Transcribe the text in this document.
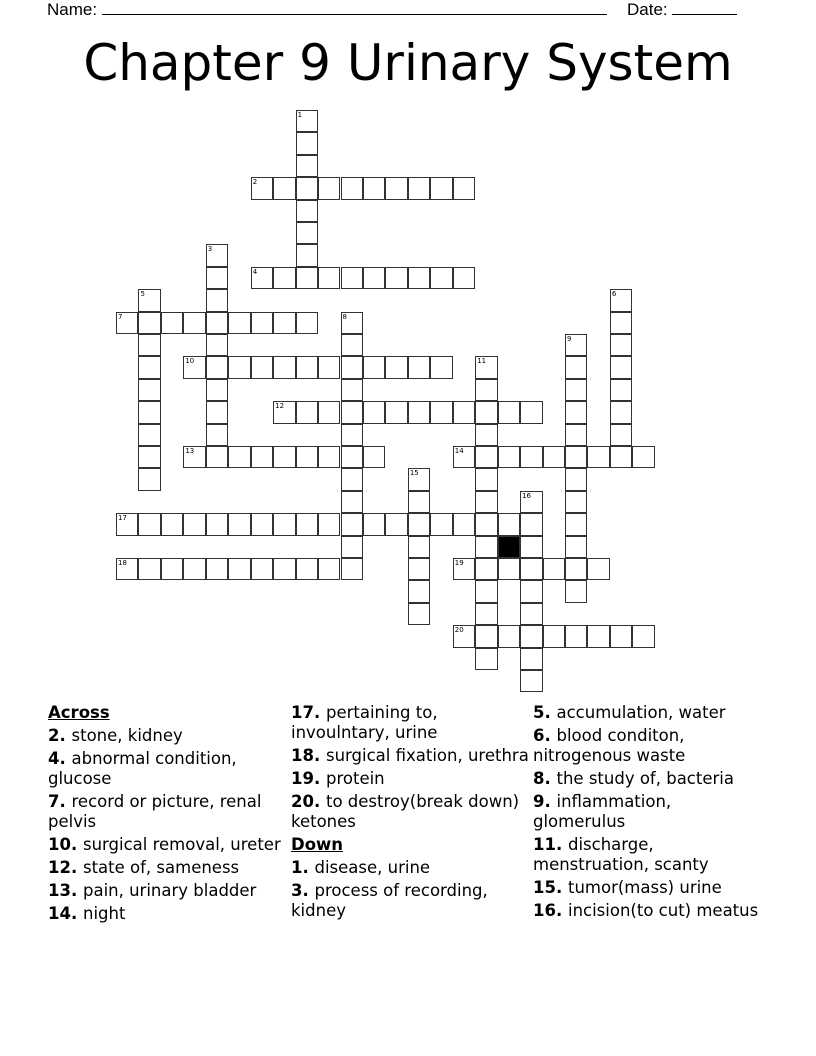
Name:	Date:
Chapter 9 Urinary System
1
2
3
4
5	6
7	8
9
10	11
12
13	14
15
16
17
18	19
20
Across
2. stone, kidney
4. abnormal condition, glucose
7. record or picture, renal pelvis
10. surgical removal, ureter
12. state of, sameness
13. pain, urinary bladder
14. night
17. pertaining to, invoulntary, urine
18. surgical fixation, urethra
19. protein
20. to destroy(break down) ketones
Down
1. disease, urine
3. process of recording, kidney
5. accumulation, water
6. blood conditon, nitrogenous waste
8. the study of, bacteria
9. inflammation, glomerulus
11. discharge, menstruation, scanty
15. tumor(mass) urine
16. incision(to cut) meatus
